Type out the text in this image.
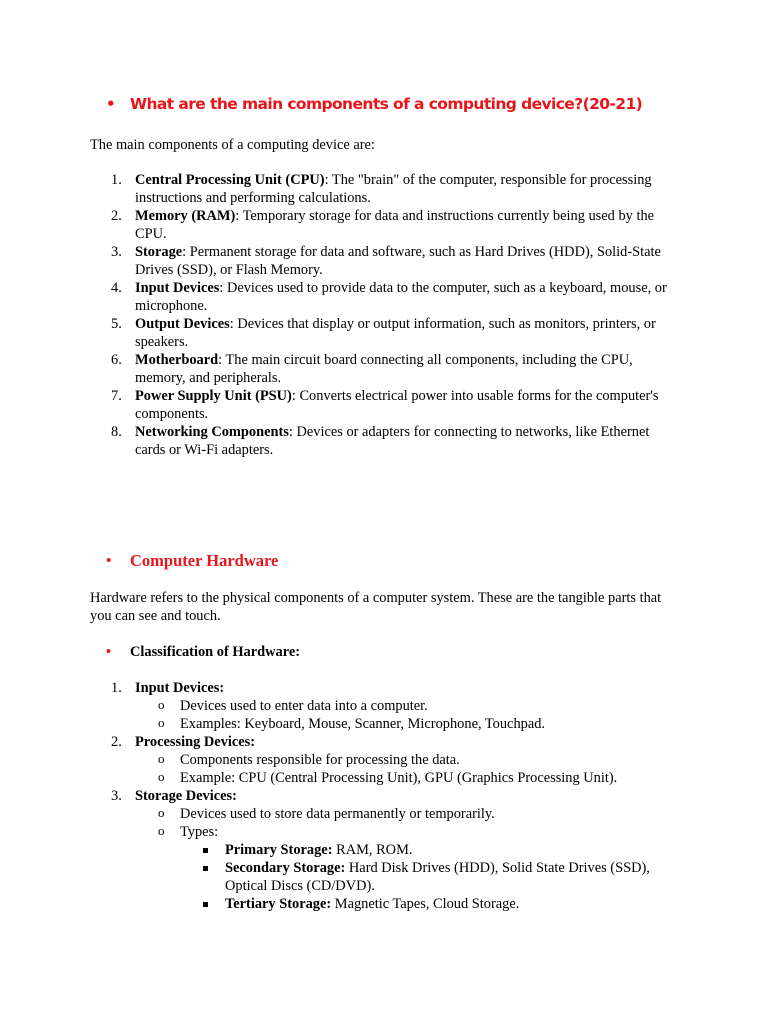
• What are the main components of a computing device?(20-21)

The main components of a computing device are:

1. Central Processing Unit (CPU): The "brain" of the computer, responsible for processing instructions and performing calculations.
2. Memory (RAM): Temporary storage for data and instructions currently being used by the CPU.
3. Storage: Permanent storage for data and software, such as Hard Drives (HDD), Solid-State Drives (SSD), or Flash Memory.
4. Input Devices: Devices used to provide data to the computer, such as a keyboard, mouse, or microphone.
5. Output Devices: Devices that display or output information, such as monitors, printers, or speakers.
6. Motherboard: The main circuit board connecting all components, including the CPU, memory, and peripherals.
7. Power Supply Unit (PSU): Converts electrical power into usable forms for the computer's components.
8. Networking Components: Devices or adapters for connecting to networks, like Ethernet cards or Wi-Fi adapters.
• Computer Hardware

Hardware refers to the physical components of a computer system. These are the tangible parts that you can see and touch.

• Classification of Hardware:
1. Input Devices:
o Devices used to enter data into a computer.
o Examples: Keyboard, Mouse, Scanner, Microphone, Touchpad.
2. Processing Devices:
o Components responsible for processing the data.
o Example: CPU (Central Processing Unit), GPU (Graphics Processing Unit).
3. Storage Devices:
o Devices used to store data permanently or temporarily.
o Types:
Primary Storage: RAM, ROM.
Secondary Storage: Hard Disk Drives (HDD), Solid State Drives (SSD), Optical Discs (CD/DVD).
Tertiary Storage: Magnetic Tapes, Cloud Storage.
